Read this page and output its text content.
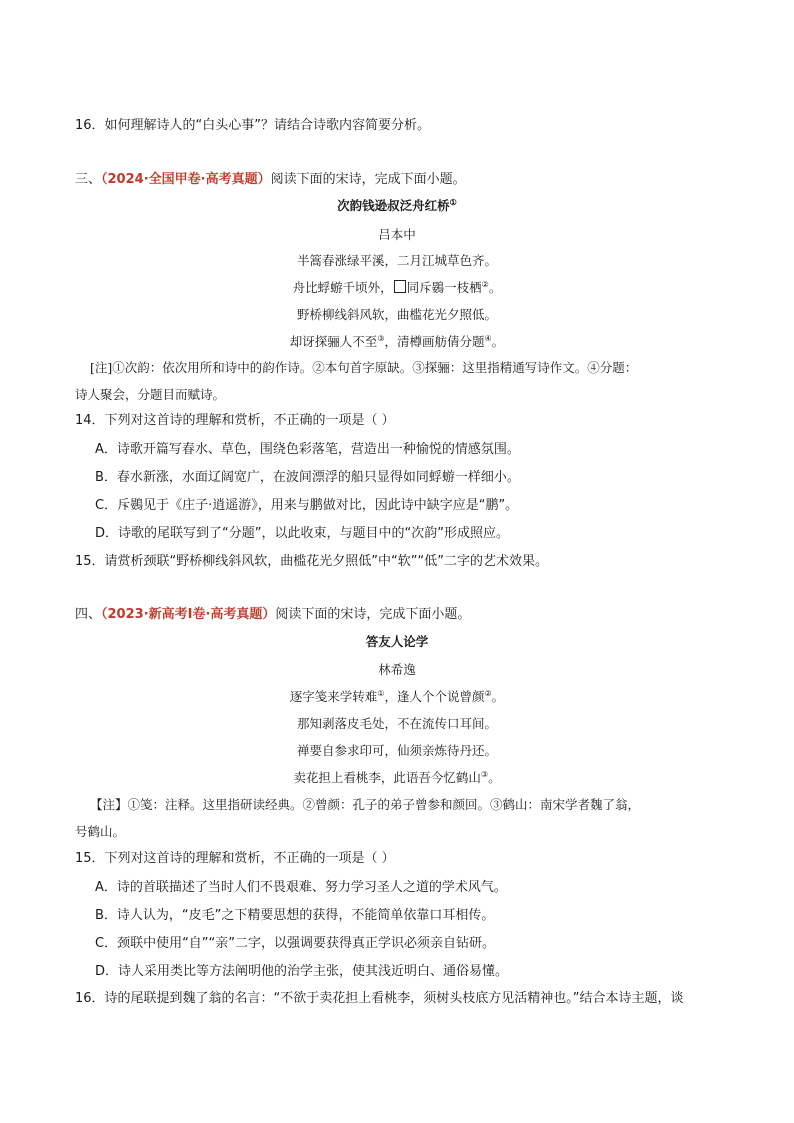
16．如何理解诗人的“白头心事”？请结合诗歌内容简要分析。
三、（2024·全国甲卷·高考真题）阅读下面的宋诗，完成下面小题。
次韵钱逊叔泛舟红桥①
吕本中
半篙春涨绿平溪，二月江城草色齐。
舟比蜉蝣千顷外， 同斥鷃一枝栖②。
野桥柳线斜风软，曲槛花光夕照低。
却讶探骊人不至③，清樽画舫倩分题④。
[注]①次韵：依次用所和诗中的韵作诗。②本句首字原缺。③探骊：这里指精通写诗作文。④分题：
诗人聚会，分题目而赋诗。
14．下列对这首诗的理解和赏析，不正确的一项是（ ）
A．诗歌开篇写春水、草色，围绕色彩落笔，营造出一种愉悦的情感氛围。
B．春水新涨，水面辽阔宽广，在波间漂浮的船只显得如同蜉蝣一样细小。
C．斥鷃见于《庄子·逍遥游》，用来与鹏做对比，因此诗中缺字应是“鹏”。
D．诗歌的尾联写到了“分题”，以此收束，与题目中的“次韵”形成照应。
15．请赏析颈联“野桥柳线斜风软，曲槛花光夕照低”中“软”“低”二字的艺术效果。
四、（2023·新高考Ⅰ卷·高考真题）阅读下面的宋诗，完成下面小题。
答友人论学
林希逸
逐字笺来学转难①，逢人个个说曾颜②。
那知剥落皮毛处，不在流传口耳间。
禅要自参求印可，仙须亲炼待丹还。
卖花担上看桃李，此语吾今忆鹤山③。
【注】①笺：注释。这里指研读经典。②曾颜：孔子的弟子曾参和颜回。③鹤山：南宋学者魏了翁，
号鹤山。
15．下列对这首诗的理解和赏析，不正确的一项是（ ）
A．诗的首联描述了当时人们不畏艰难、努力学习圣人之道的学术风气。
B．诗人认为，“皮毛”之下精要思想的获得，不能简单依靠口耳相传。
C．颈联中使用“自”“亲”二字，以强调要获得真正学识必须亲自钻研。
D．诗人采用类比等方法阐明他的治学主张，使其浅近明白、通俗易懂。
16．诗的尾联提到魏了翁的名言：“不欲于卖花担上看桃李，须树头枝底方见活精神也。”结合本诗主题，谈
